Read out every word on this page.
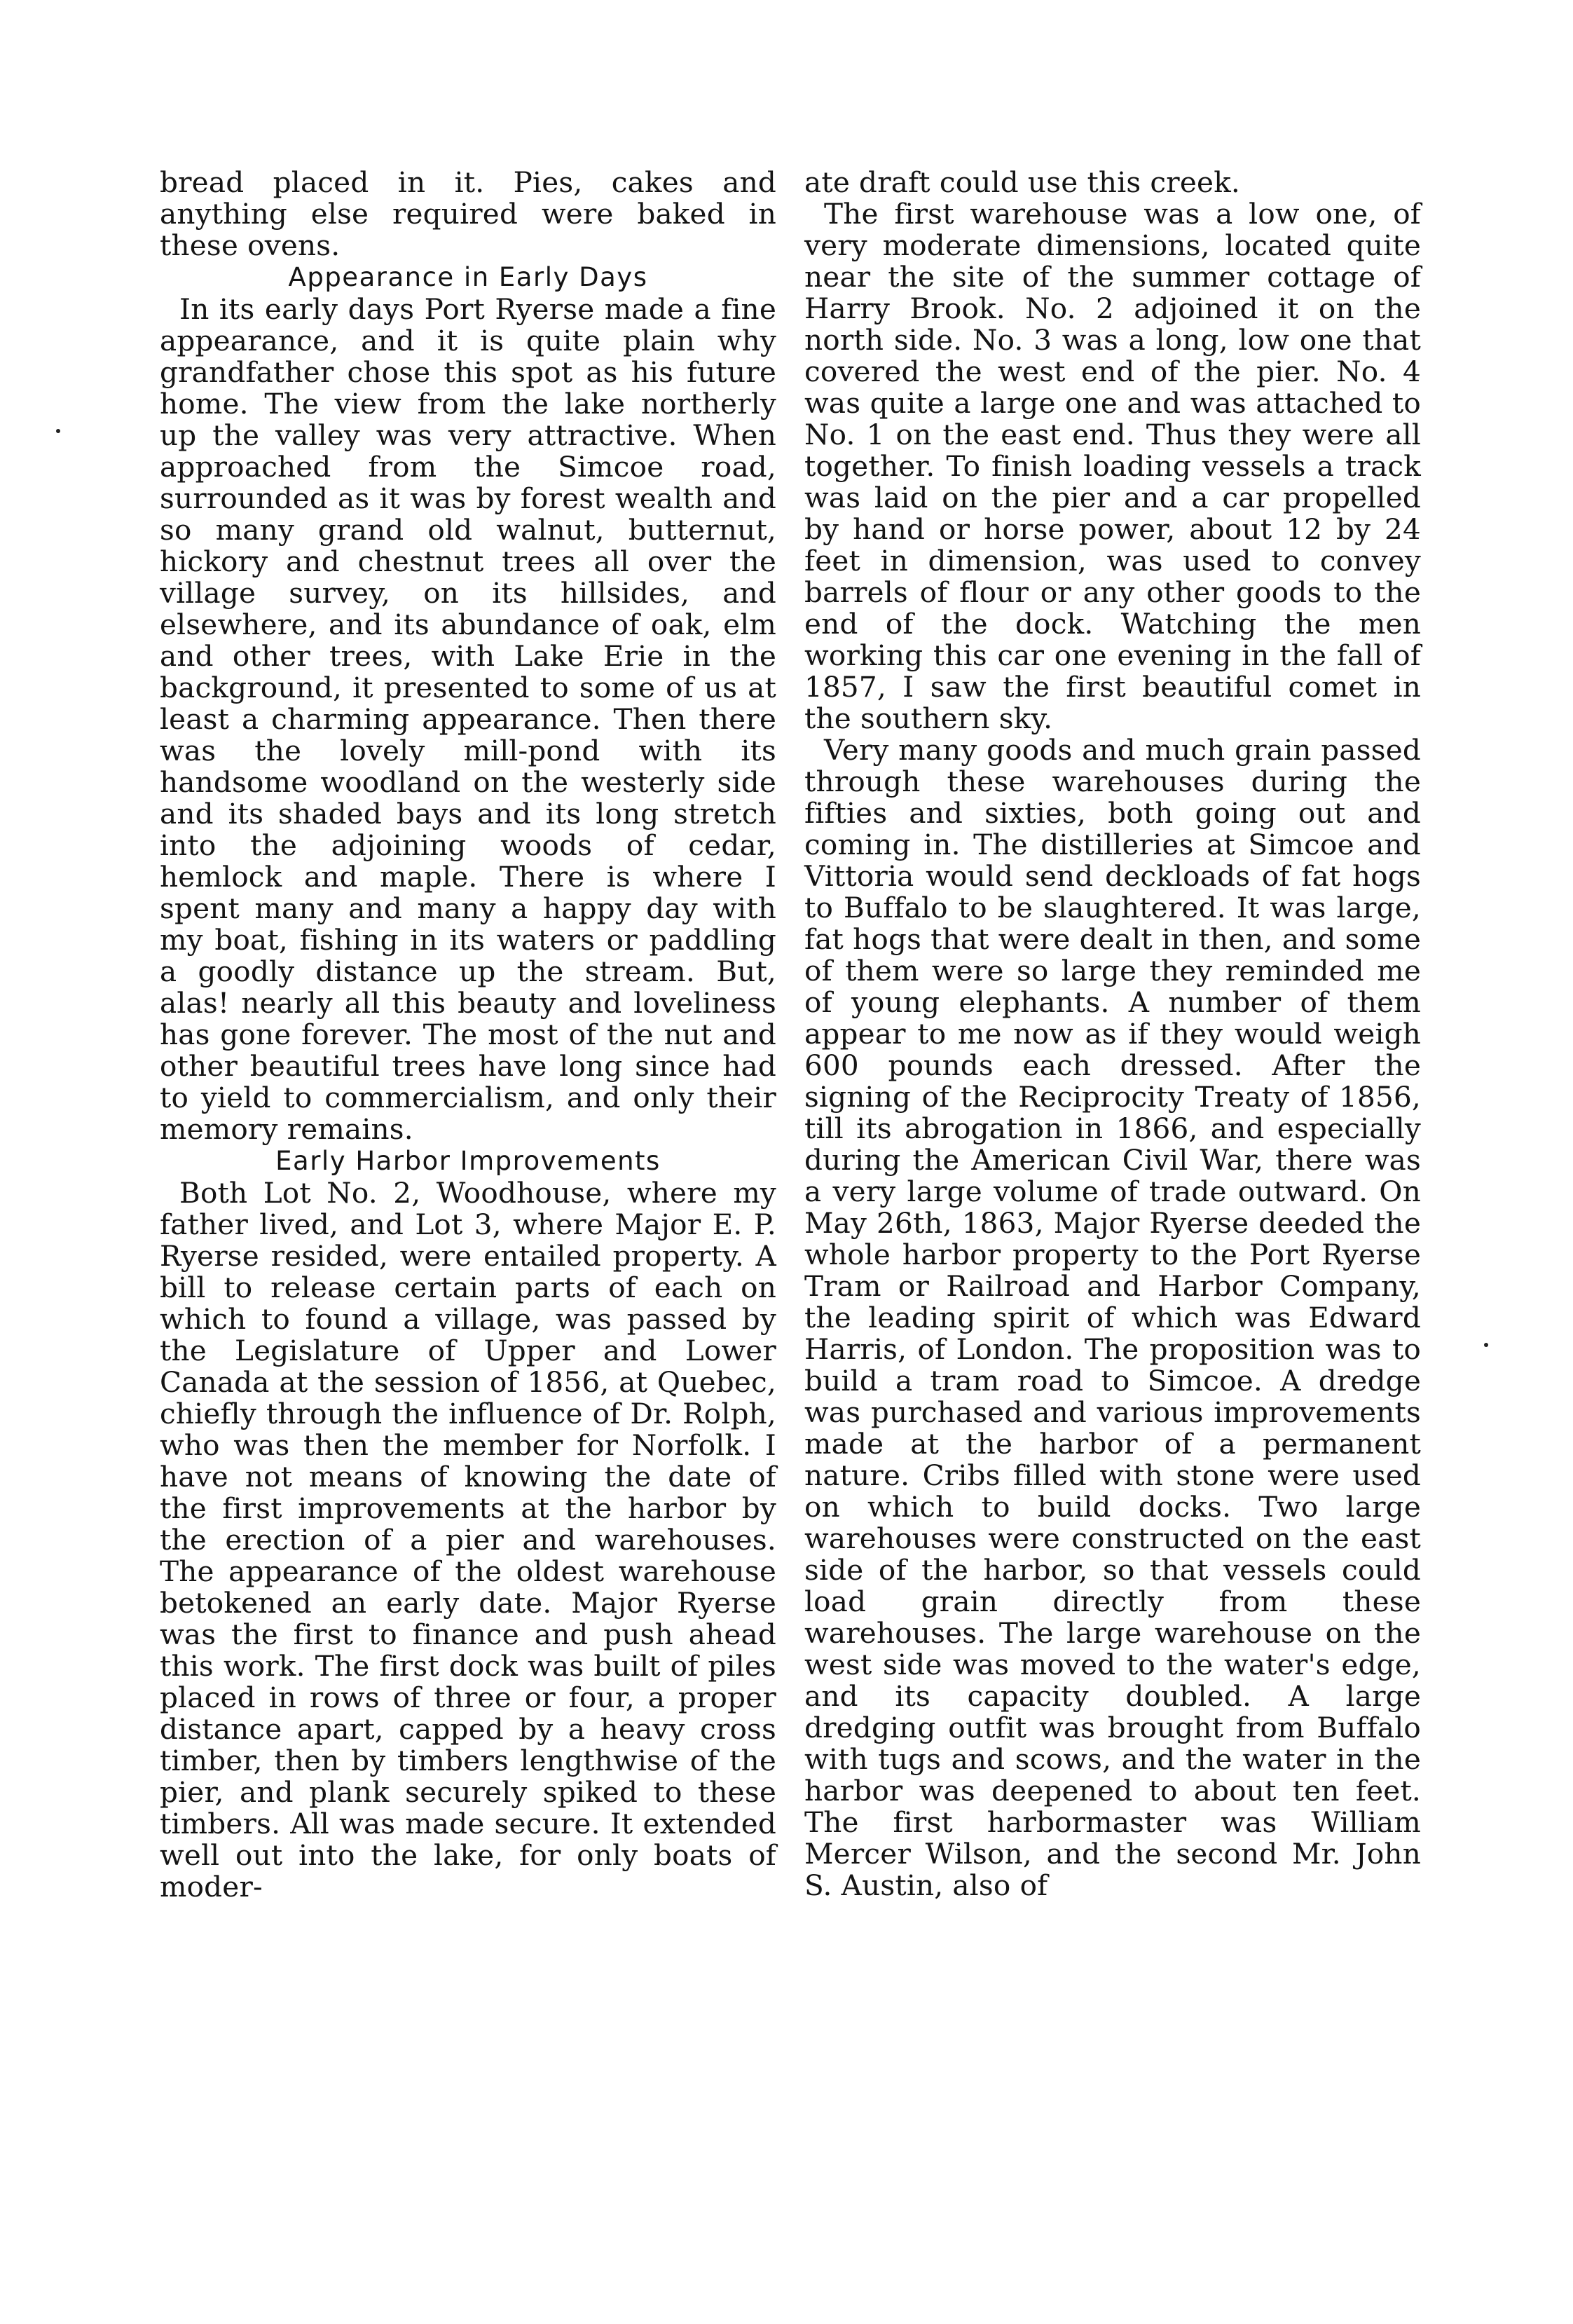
bread placed in it. Pies, cakes and anything else required were baked in these ovens.

Appearance in Early Days

In its early days Port Ryerse made a fine appearance, and it is quite plain why grandfather chose this spot as his future home. The view from the lake northerly up the valley was very attractive. When approached from the Simcoe road, surrounded as it was by forest wealth and so many grand old walnut, butternut, hickory and chestnut trees all over the village survey, on its hillsides, and elsewhere, and its abundance of oak, elm and other trees, with Lake Erie in the background, it presented to some of us at least a charming appearance. Then there was the lovely mill-pond with its handsome woodland on the westerly side and its shaded bays and its long stretch into the adjoining woods of cedar, hemlock and maple. There is where I spent many and many a happy day with my boat, fishing in its waters or paddling a goodly distance up the stream. But, alas! nearly all this beauty and loveliness has gone forever. The most of the nut and other beautiful trees have long since had to yield to commercialism, and only their memory remains.

Early Harbor Improvements

Both Lot No. 2, Woodhouse, where my father lived, and Lot 3, where Major E. P. Ryerse resided, were entailed property. A bill to release certain parts of each on which to found a village, was passed by the Legislature of Upper and Lower Canada at the session of 1856, at Quebec, chiefly through the influence of Dr. Rolph, who was then the member for Norfolk. I have not means of knowing the date of the first improvements at the harbor by the erection of a pier and warehouses. The appearance of the oldest warehouse betokened an early date. Major Ryerse was the first to finance and push ahead this work. The first dock was built of piles placed in rows of three or four, a proper distance apart, capped by a heavy cross timber, then by timbers lengthwise of the pier, and plank securely spiked to these timbers. All was made secure. It extended well out into the lake, for only boats of moder-

ate draft could use this creek.

The first warehouse was a low one, of very moderate dimensions, located quite near the site of the summer cottage of Harry Brook. No. 2 adjoined it on the north side. No. 3 was a long, low one that covered the west end of the pier. No. 4 was quite a large one and was attached to No. 1 on the east end. Thus they were all together. To finish loading vessels a track was laid on the pier and a car propelled by hand or horse power, about 12 by 24 feet in dimension, was used to convey barrels of flour or any other goods to the end of the dock. Watching the men working this car one evening in the fall of 1857, I saw the first beautiful comet in the southern sky.

Very many goods and much grain passed through these warehouses during the fifties and sixties, both going out and coming in. The distilleries at Simcoe and Vittoria would send deckloads of fat hogs to Buffalo to be slaughtered. It was large, fat hogs that were dealt in then, and some of them were so large they reminded me of young elephants. A number of them appear to me now as if they would weigh 600 pounds each dressed. After the signing of the Reciprocity Treaty of 1856, till its abrogation in 1866, and especially during the American Civil War, there was a very large volume of trade outward. On May 26th, 1863, Major Ryerse deeded the whole harbor property to the Port Ryerse Tram or Railroad and Harbor Company, the leading spirit of which was Edward Harris, of London. The proposition was to build a tram road to Simcoe. A dredge was purchased and various improvements made at the harbor of a permanent nature. Cribs filled with stone were used on which to build docks. Two large warehouses were constructed on the east side of the harbor, so that vessels could load grain directly from these warehouses. The large warehouse on the west side was moved to the water's edge, and its capacity doubled. A large dredging outfit was brought from Buffalo with tugs and scows, and the water in the harbor was deepened to about ten feet. The first harbormaster was William Mercer Wilson, and the second Mr. John S. Austin, also of
